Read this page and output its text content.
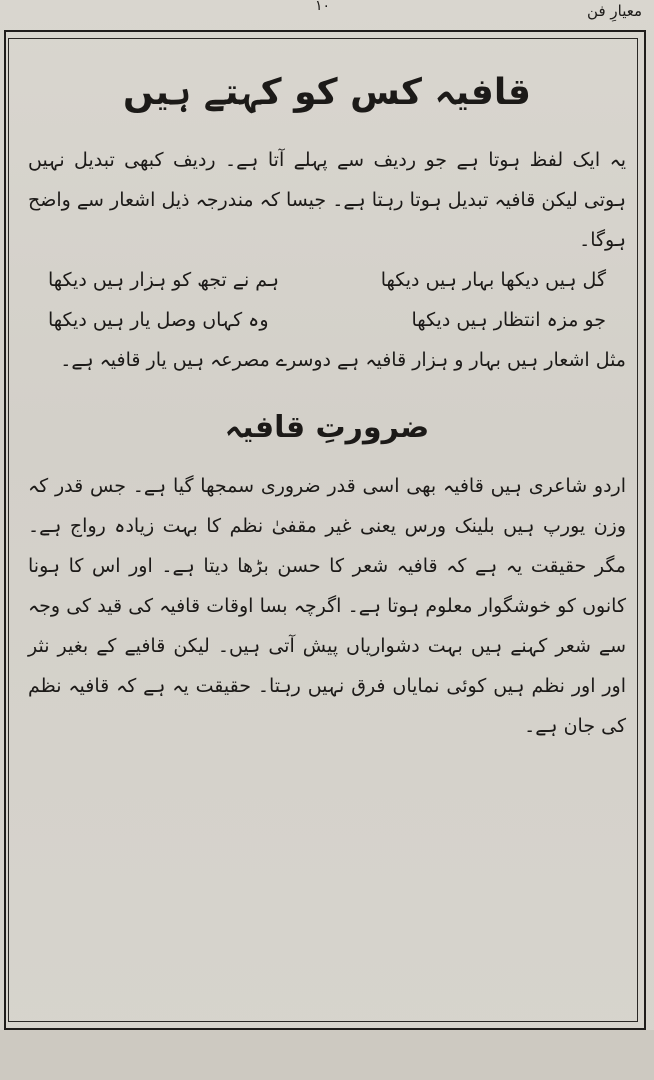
۱۰	معیارِ فن
قافیہ کس کو کہتے ہیں

یہ ایک لفظ ہوتا ہے جو ردیف سے پہلے آتا ہے۔ ردیف کبھی تبدیل نہیں ہوتی لیکن قافیہ تبدیل ہوتا رہتا ہے۔ جیسا کہ مندرجہ ذیل اشعار سے واضح ہوگا۔

گل ہیں دیکھا بہار ہیں دیکھا
ہم نے تجھ کو ہزار ہیں دیکھا
جو مزہ انتظار ہیں دیکھا
وہ کہاں وصل یار ہیں دیکھا

مثل اشعار ہیں بہار و ہزار قافیہ ہے دوسرے مصرعہ ہیں یار قافیہ ہے۔

ضرورتِ قافیہ

اردو شاعری ہیں قافیہ بھی اسی قدر ضروری سمجھا گیا ہے۔ جس قدر کہ وزن یورپ ہیں بلینک ورس یعنی غیر مقفیٰ نظم کا بہت زیادہ رواج ہے۔ مگر حقیقت یہ ہے کہ قافیہ شعر کا حسن بڑھا دیتا ہے۔ اور اس کا ہونا کانوں کو خوشگوار معلوم ہوتا ہے۔ اگرچہ بسا اوقات قافیہ کی قید کی وجہ سے شعر کہنے ہیں بہت دشواریاں پیش آتی ہیں۔ لیکن قافیے کے بغیر نثر اور اور نظم ہیں کوئی نمایاں فرق نہیں رہتا۔ حقیقت یہ ہے کہ قافیہ نظم کی جان ہے۔
